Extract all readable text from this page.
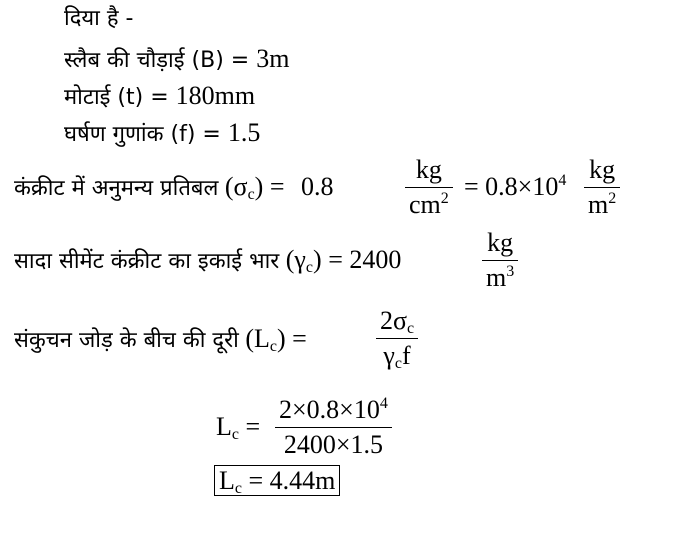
दिया है -
स्लैब की चौड़ाई (B) = 3m
मोटाई (t) = 180mm
घर्षण गुणांक (f) = 1.5
कंक्रीट में अनुमन्य प्रतिबल $(\sigma_c) = 0.8$
kg
$cm^2 = 0.8\times 10^4$ kg
$m^2$
सादा सीमेंट कंक्रीट का इकाई भार $(\gamma_c) = 2400$
kg
$m^3$
संकुचन जोड़ के बीच की दूरी $(L_c)$ =
$2\sigma_c$
$\gamma_cf$
$L_c$ =
$2\times 0.8\times 10^4$
2400×1.5
$L_c = 4.44m$
